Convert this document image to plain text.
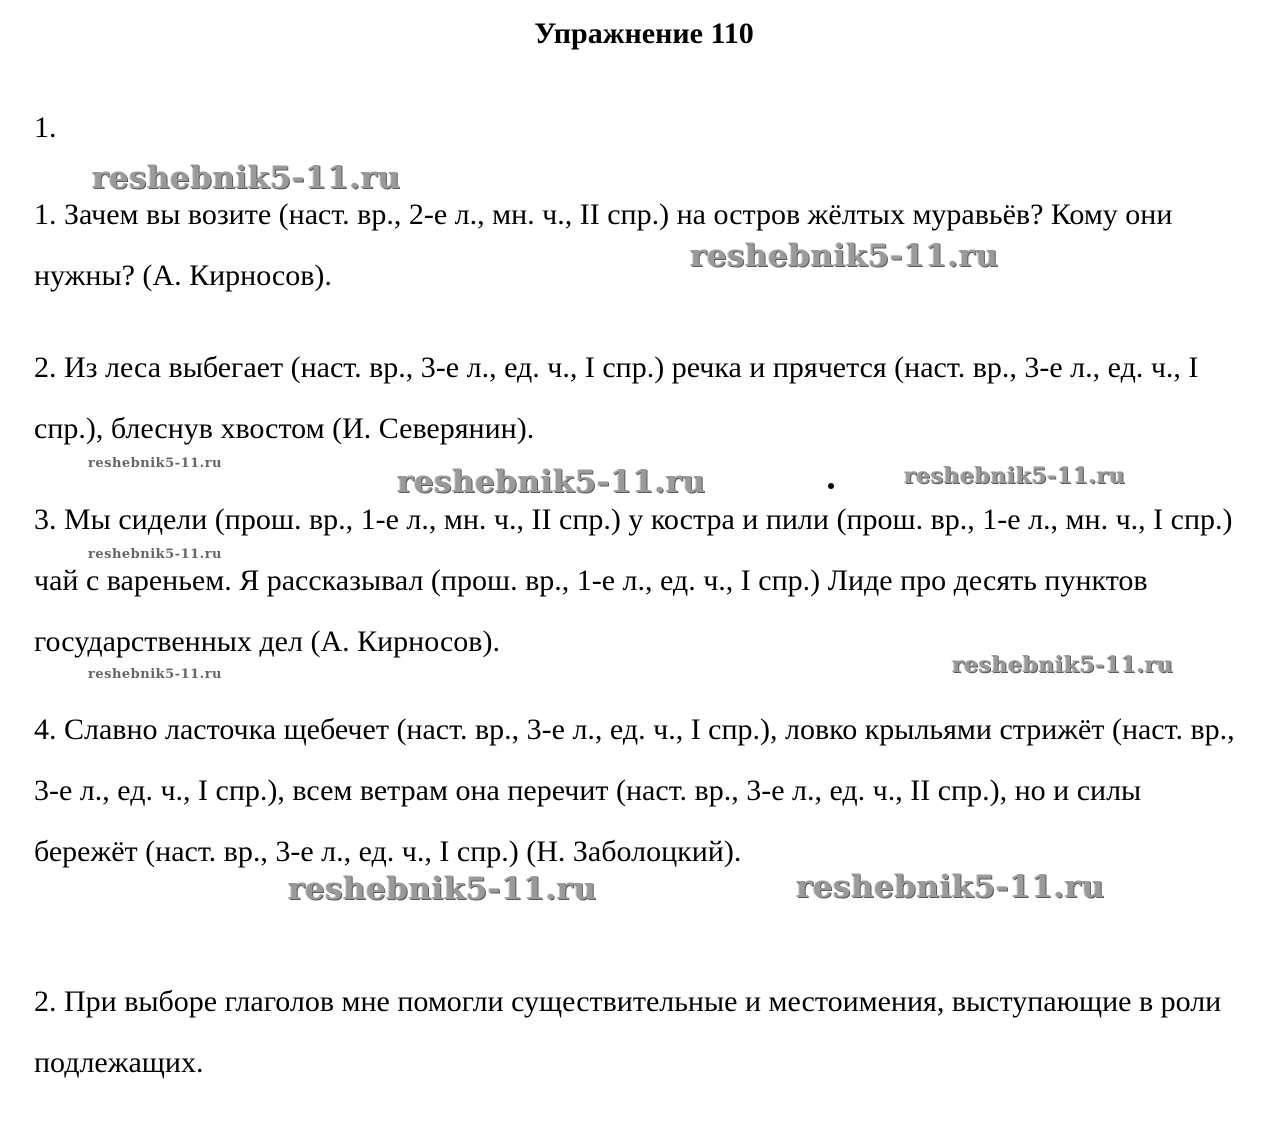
Упражнение 110
1.

1. Зачем вы возите (наст. вр., 2-е л., мн. ч., II спр.) на остров жёлтых муравьёв? Кому они нужны? (А. Кирносов).

2. Из леса выбегает (наст. вр., 3-е л., ед. ч., I спр.) речка и прячется (наст. вр., 3-е л., ед. ч., I спр.), блеснув хвостом (И. Северянин).

3. Мы сидели (прош. вр., 1-е л., мн. ч., II спр.) у костра и пили (прош. вр., 1-е л., мн. ч., I спр.) чай с вареньем. Я рассказывал (прош. вр., 1-е л., ед. ч., I спр.) Лиде про десять пунктов государственных дел (А. Кирносов).

4. Славно ласточка щебечет (наст. вр., 3-е л., ед. ч., I спр.), ловко крыльями стрижёт (наст. вр., 3-е л., ед. ч., I спр.), всем ветрам она перечит (наст. вр., 3-е л., ед. ч., II спр.), но и силы бережёт (наст. вр., 3-е л., ед. ч., I спр.) (Н. Заболоцкий).

2. При выборе глаголов мне помогли существительные и местоимения, выступающие в роли подлежащих.

reshebnik5-11.ru
reshebnik5-11.ru
reshebnik5-11.ru
reshebnik5-11.ru	reshebnik5-11.ru
reshebnik5-11.ru
reshebnik5-11.ru
reshebnik5-11.ru
reshebnik5-11.ru	reshebnik5-11.ru
